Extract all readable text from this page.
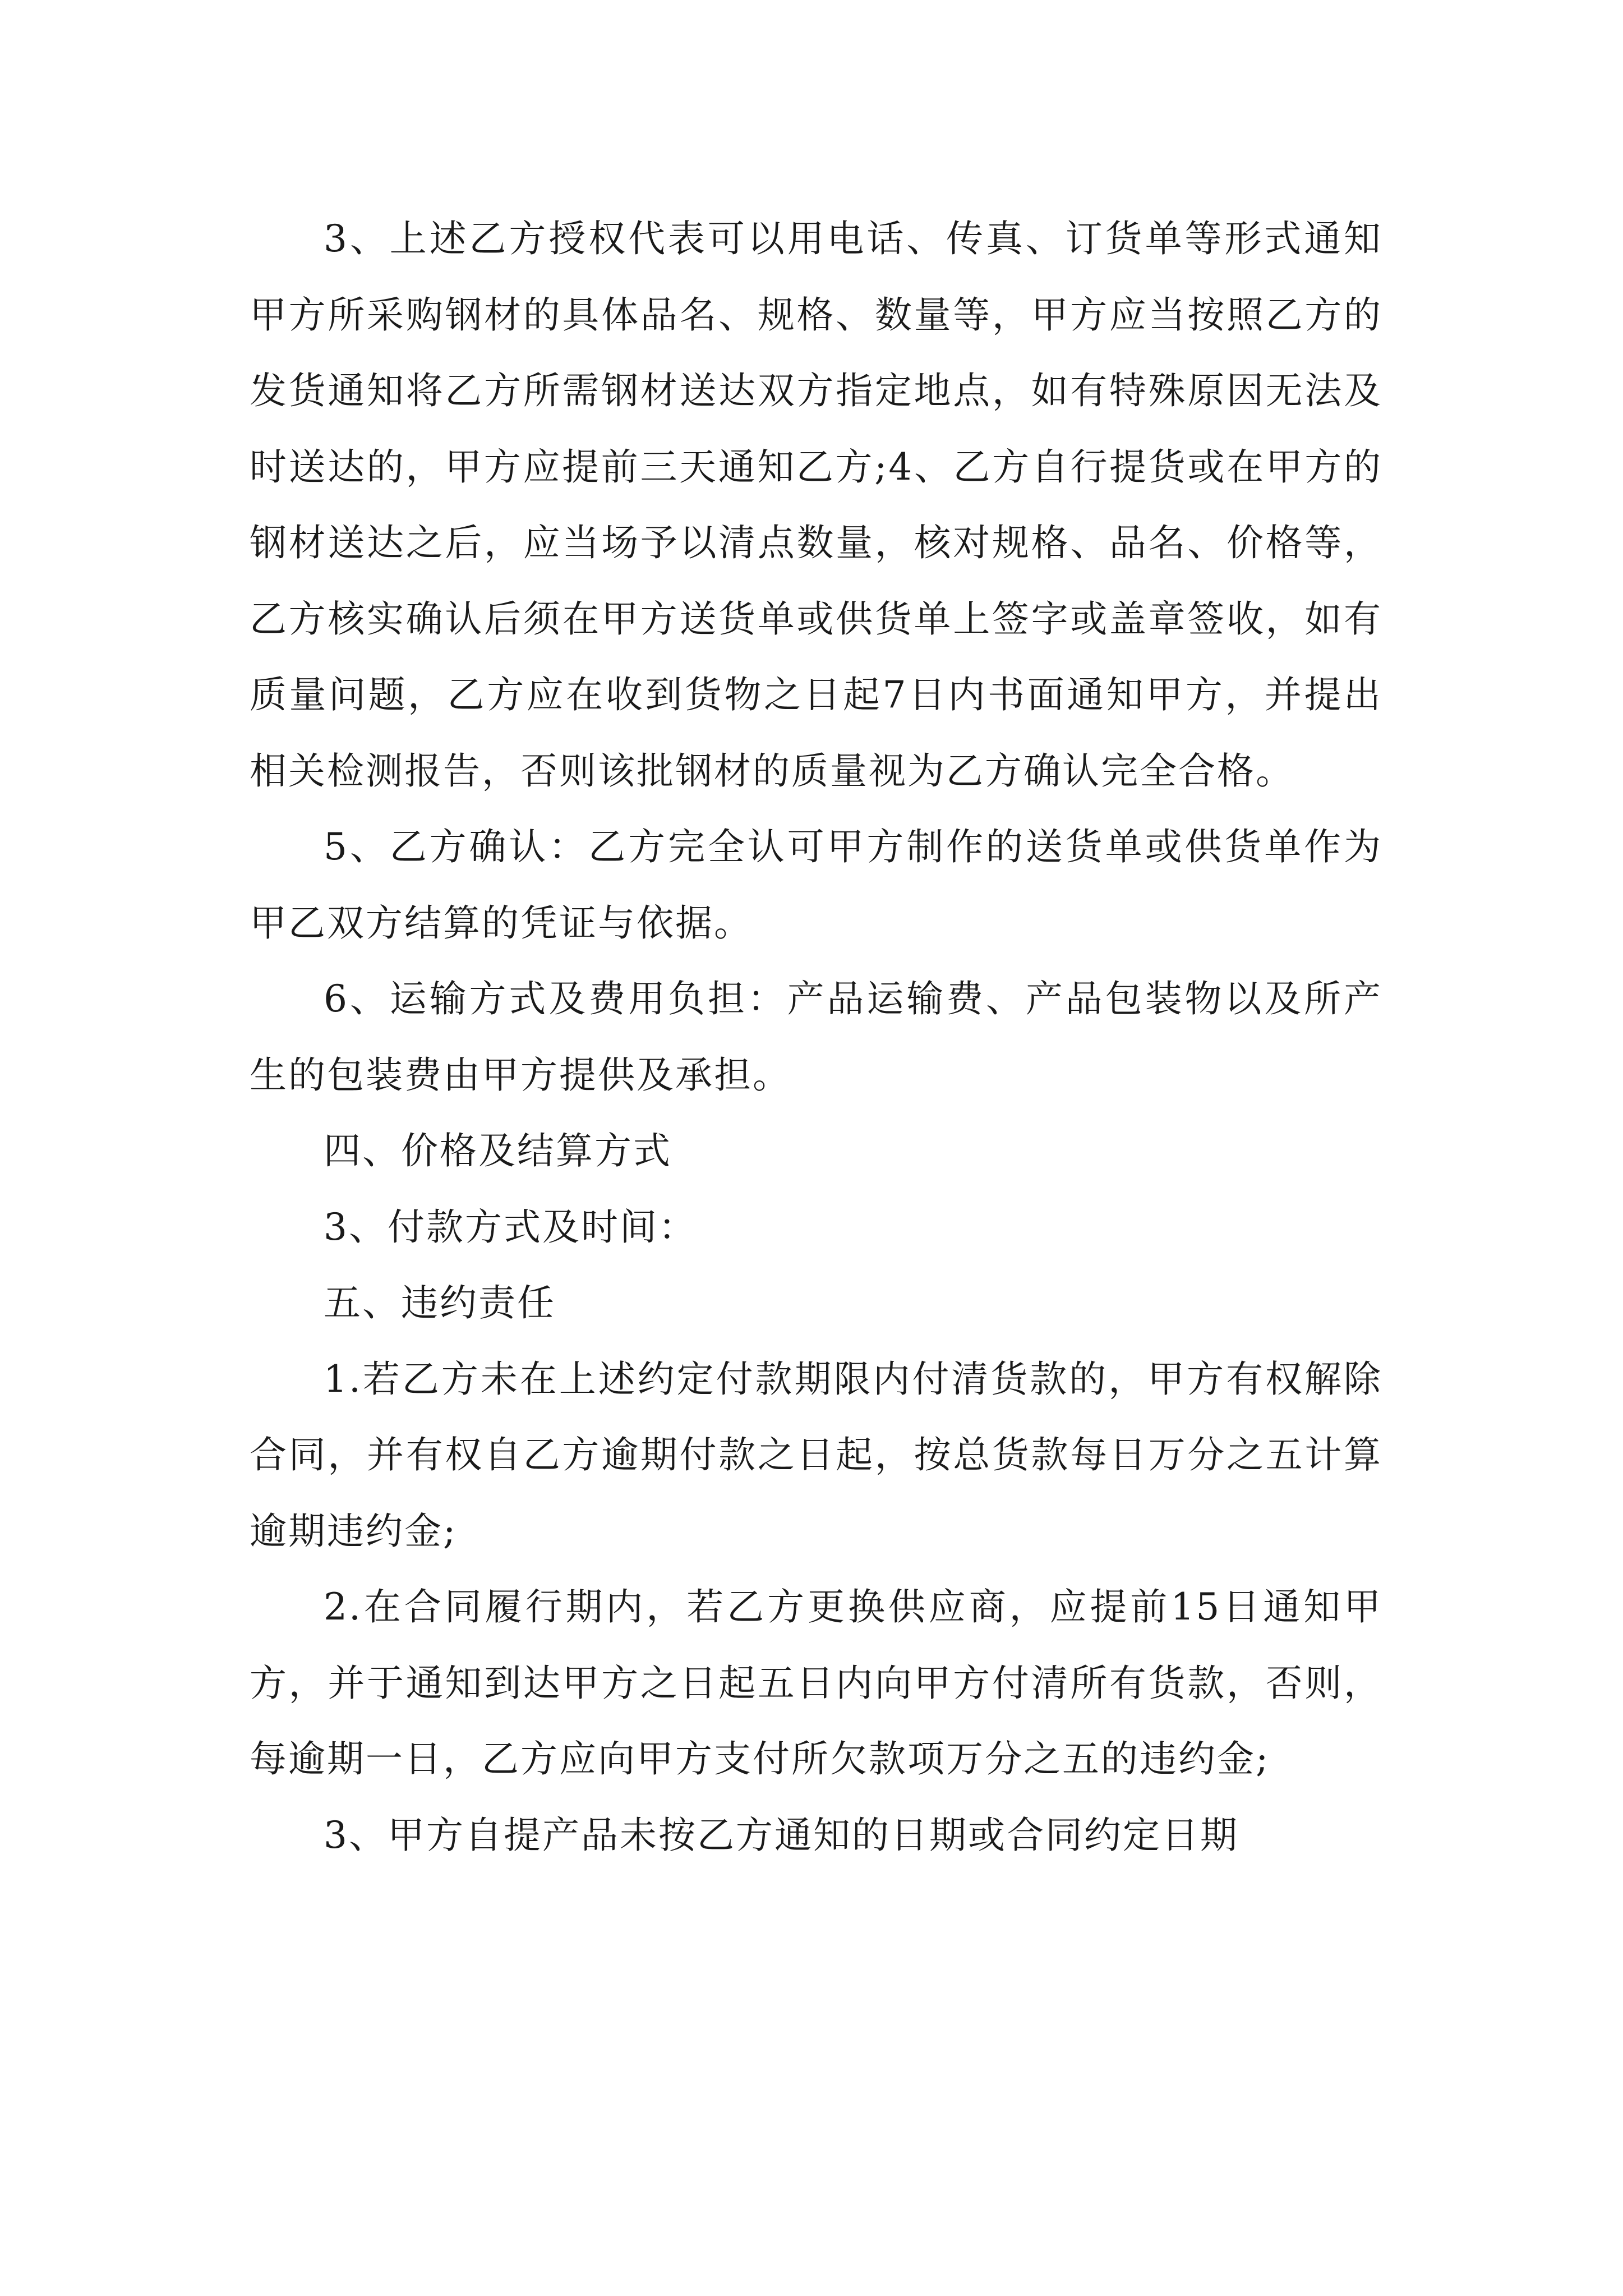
3、上述乙方授权代表可以用电话、传真、订货单等形式通知甲方所采购钢材的具体品名、规格、数量等，甲方应当按照乙方的发货通知将乙方所需钢材送达双方指定地点，如有特殊原因无法及时送达的，甲方应提前三天通知乙方;4、乙方自行提货或在甲方的钢材送达之后，应当场予以清点数量，核对规格、品名、价格等，乙方核实确认后须在甲方送货单或供货单上签字或盖章签收，如有质量问题，乙方应在收到货物之日起7日内书面通知甲方，并提出相关检测报告，否则该批钢材的质量视为乙方确认完全合格。

5、乙方确认：乙方完全认可甲方制作的送货单或供货单作为甲乙双方结算的凭证与依据。

6、运输方式及费用负担：产品运输费、产品包装物以及所产生的包装费由甲方提供及承担。

四、价格及结算方式

3、付款方式及时间：

五、违约责任

1.若乙方未在上述约定付款期限内付清货款的，甲方有权解除合同，并有权自乙方逾期付款之日起，按总货款每日万分之五计算逾期违约金;

2.在合同履行期内，若乙方更换供应商，应提前15日通知甲方，并于通知到达甲方之日起五日内向甲方付清所有货款，否则，每逾期一日，乙方应向甲方支付所欠款项万分之五的违约金;

3、甲方自提产品未按乙方通知的日期或合同约定日期
